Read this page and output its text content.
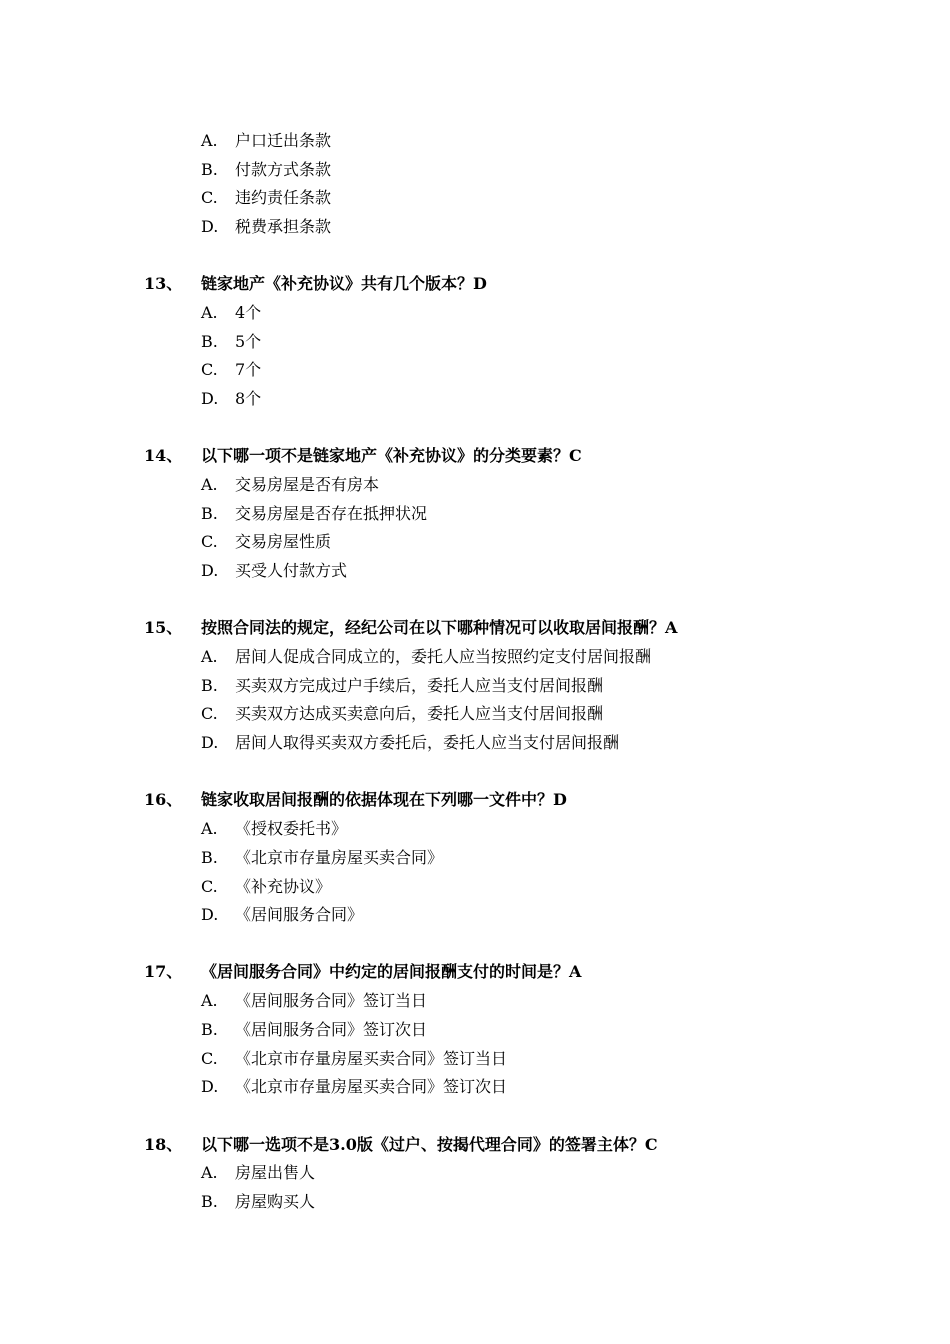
A. 户口迁出条款
B. 付款方式条款
C. 违约责任条款
D. 税费承担条款
13、 链家地产《补充协议》共有几个版本？D
A. 4个
B. 5个
C. 7个
D. 8个
14、 以下哪一项不是链家地产《补充协议》的分类要素？C
A. 交易房屋是否有房本
B. 交易房屋是否存在抵押状况
C. 交易房屋性质
D. 买受人付款方式
15、 按照合同法的规定，经纪公司在以下哪种情况可以收取居间报酬？A
A. 居间人促成合同成立的，委托人应当按照约定支付居间报酬
B. 买卖双方完成过户手续后，委托人应当支付居间报酬
C. 买卖双方达成买卖意向后，委托人应当支付居间报酬
D. 居间人取得买卖双方委托后，委托人应当支付居间报酬
16、 链家收取居间报酬的依据体现在下列哪一文件中？D
A. 《授权委托书》
B. 《北京市存量房屋买卖合同》
C. 《补充协议》
D. 《居间服务合同》
17、 《居间服务合同》中约定的居间报酬支付的时间是？A
A. 《居间服务合同》签订当日
B. 《居间服务合同》签订次日
C. 《北京市存量房屋买卖合同》签订当日
D. 《北京市存量房屋买卖合同》签订次日
18、 以下哪一选项不是3.0版《过户、按揭代理合同》的签署主体？C
A. 房屋出售人
B. 房屋购买人
